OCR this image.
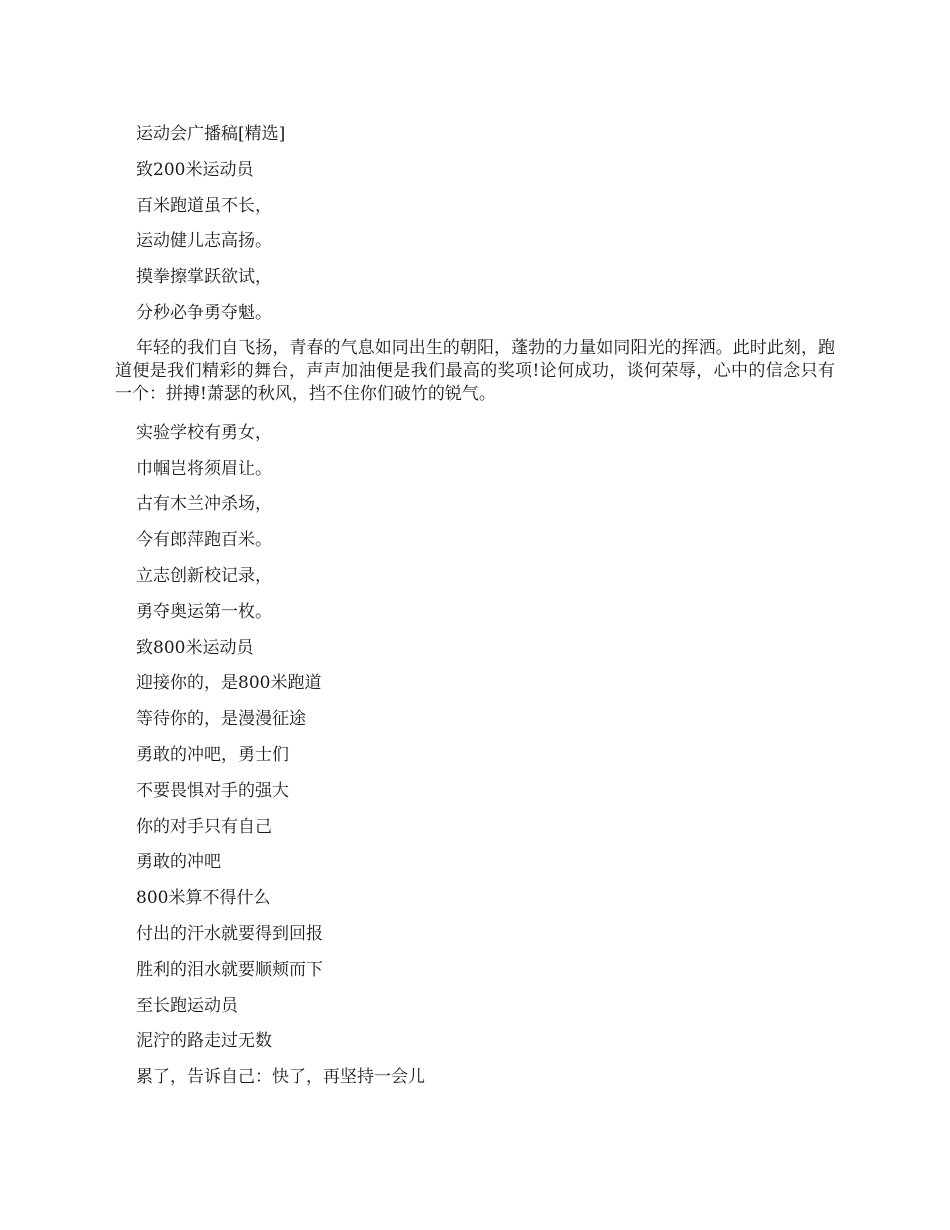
运动会广播稿[精选]
致200米运动员
百米跑道虽不长，
运动健儿志高扬。
摸拳擦掌跃欲试，
分秒必争勇夺魁。
年轻的我们自飞扬，青春的气息如同出生的朝阳，蓬勃的力量如同阳光的挥洒。此时此刻，跑道便是我们精彩的舞台，声声加油便是我们最高的奖项!论何成功，谈何荣辱，心中的信念只有一个：拼搏!萧瑟的秋风，挡不住你们破竹的锐气。
实验学校有勇女，
巾帼岂将须眉让。
古有木兰冲杀场，
今有郎萍跑百米。
立志创新校记录，
勇夺奥运第一枚。
致800米运动员
迎接你的，是800米跑道
等待你的，是漫漫征途
勇敢的冲吧，勇士们
不要畏惧对手的强大
你的对手只有自己
勇敢的冲吧
800米算不得什么
付出的汗水就要得到回报
胜利的泪水就要顺颊而下
至长跑运动员
泥泞的路走过无数
累了，告诉自己：快了，再坚持一会儿
